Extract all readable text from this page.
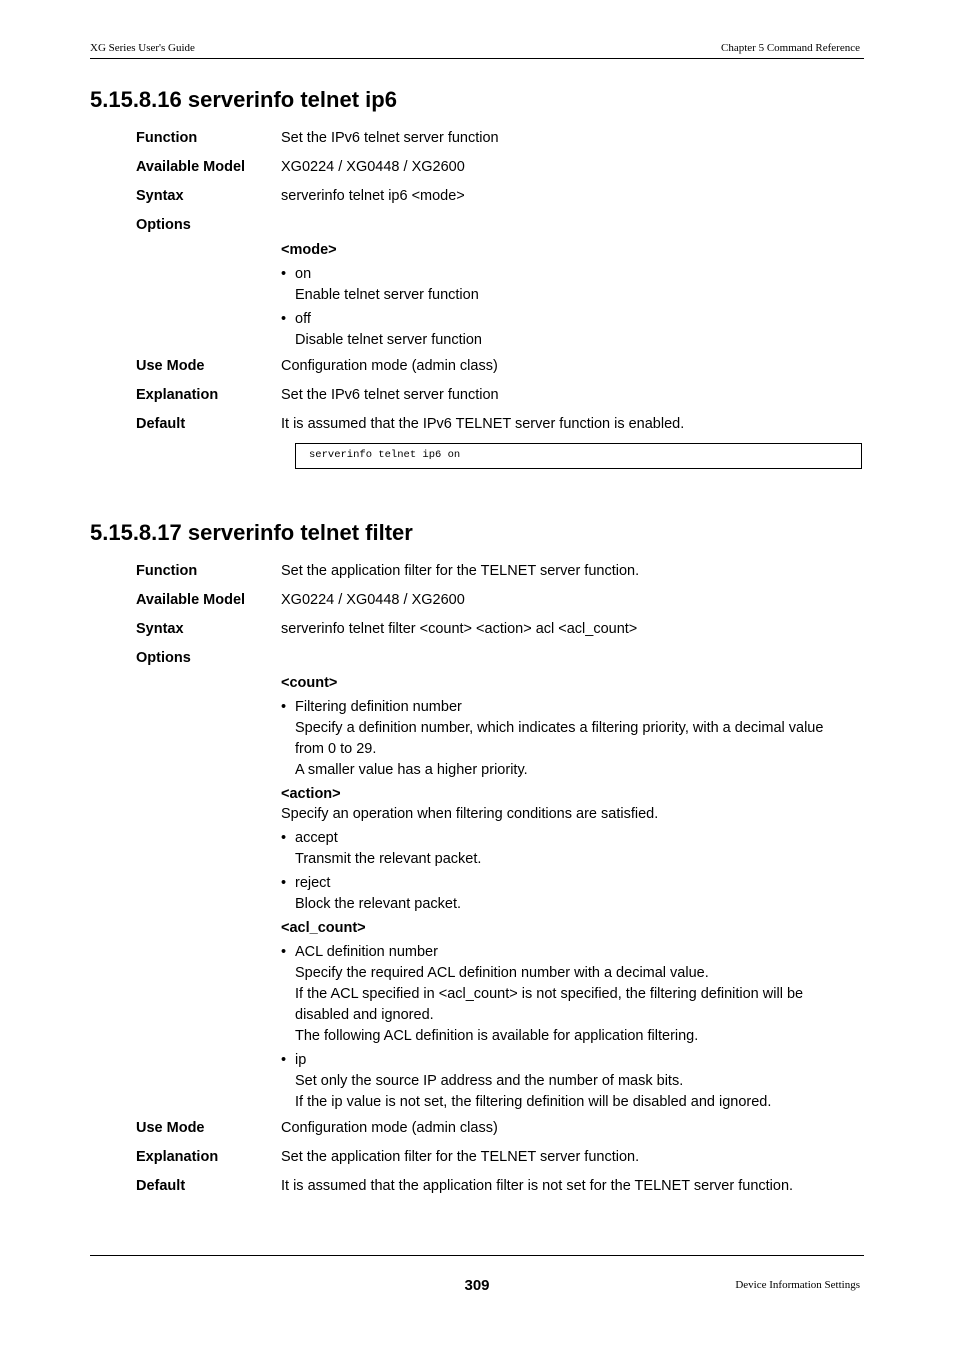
XG Series User's Guide	Chapter 5 Command Reference
5.15.8.16 serverinfo telnet ip6
Function	Set the IPv6 telnet server function
Available Model	XG0224 / XG0448 / XG2600
Syntax	serverinfo telnet ip6 <mode>
Options
<mode>
• on
Enable telnet server function
• off
Disable telnet server function
Use Mode	Configuration mode (admin class)
Explanation	Set the IPv6 telnet server function
Default	It is assumed that the IPv6 TELNET server function is enabled.
serverinfo telnet ip6 on
5.15.8.17 serverinfo telnet filter
Function	Set the application filter for the TELNET server function.
Available Model	XG0224 / XG0448 / XG2600
Syntax	serverinfo telnet filter <count> <action> acl <acl_count>
Options
<count>
• Filtering definition number
Specify a definition number, which indicates a filtering priority, with a decimal value
from 0 to 29.
A smaller value has a higher priority.
<action>
Specify an operation when filtering conditions are satisfied.
• accept
Transmit the relevant packet.
• reject
Block the relevant packet.
<acl_count>
• ACL definition number
Specify the required ACL definition number with a decimal value.
If the ACL specified in <acl_count> is not specified, the filtering definition will be
disabled and ignored.
The following ACL definition is available for application filtering.
• ip
Set only the source IP address and the number of mask bits.
If the ip value is not set, the filtering definition will be disabled and ignored.
Use Mode	Configuration mode (admin class)
Explanation	Set the application filter for the TELNET server function.
Default	It is assumed that the application filter is not set for the TELNET server function.
309	Device Information Settings
